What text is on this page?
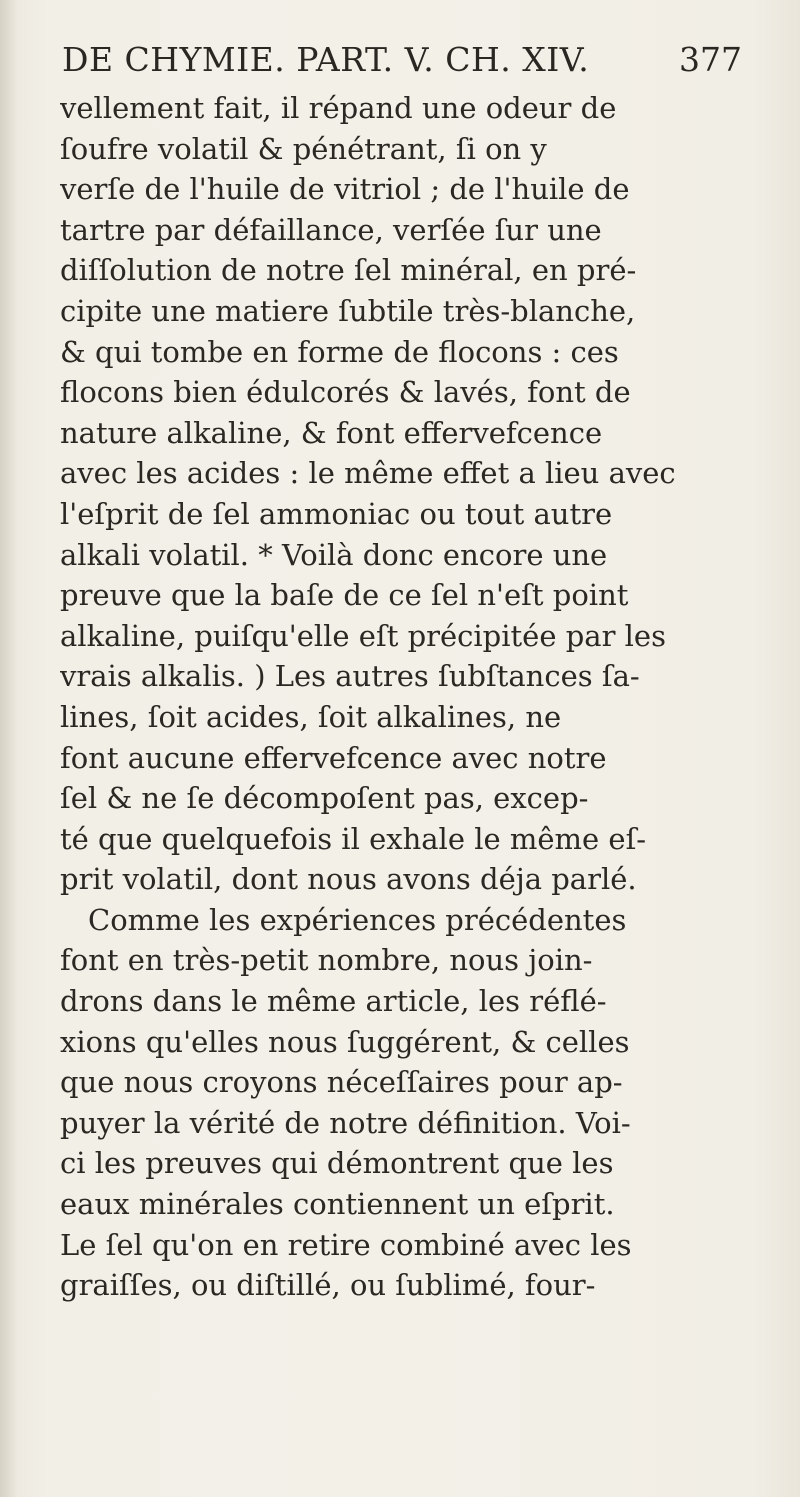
DE CHYMIE. PART. V. CH. XIV.	377
vellement fait, il répand une odeur de
ſoufre volatil & pénétrant, ſi on y
verſe de l'huile de vitriol ; de l'huile de
tartre par défaillance, verſée ſur une
diſſolution de notre ſel minéral, en pré-
cipite une matiere ſubtile très-blanche,
& qui tombe en forme de flocons : ces
flocons bien édulcorés & lavés, font de
nature alkaline, & font effervefcence
avec les acides : le même effet a lieu avec
l'eſprit de ſel ammoniac ou tout autre
alkali volatil. * Voilà donc encore une
preuve que la baſe de ce ſel n'eſt point
alkaline, puiſqu'elle eſt précipitée par les
vrais alkalis. ) Les autres ſubſtances ſa-
lines, ſoit acides, ſoit alkalines, ne
font aucune effervefcence avec notre
ſel & ne ſe décompoſent pas, excep-
té que quelquefois il exhale le même eſ-
prit volatil, dont nous avons déja parlé.
Comme les expériences précédentes
font en très-petit nombre, nous join-
drons dans le même article, les réflé-
xions qu'elles nous ſuggérent, & celles
que nous croyons néceſſaires pour ap-
puyer la vérité de notre définition. Voi-
ci les preuves qui démontrent que les
eaux minérales contiennent un eſprit.
Le ſel qu'on en retire combiné avec les
graiſſes, ou diſtillé, ou ſublimé, four-
